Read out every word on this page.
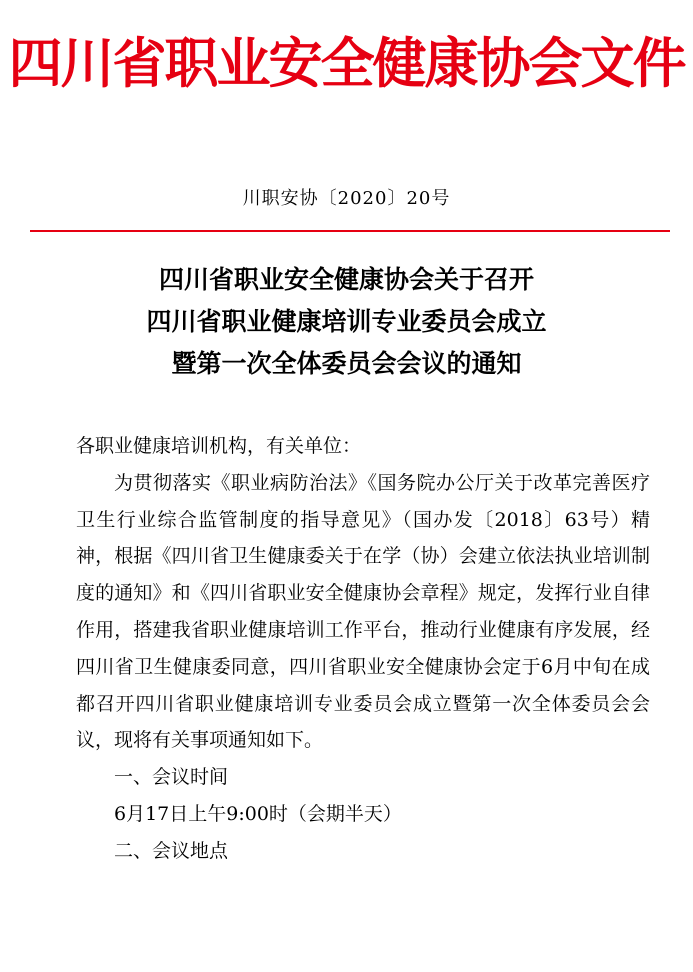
四川省职业安全健康协会文件
川职安协〔2020〕20号
四川省职业安全健康协会关于召开
四川省职业健康培训专业委员会成立
暨第一次全体委员会会议的通知

各职业健康培训机构，有关单位：

为贯彻落实《职业病防治法》《国务院办公厅关于改革完善医疗卫生行业综合监管制度的指导意见》（国办发〔2018〕63号）精神，根据《四川省卫生健康委关于在学（协）会建立依法执业培训制度的通知》和《四川省职业安全健康协会章程》规定，发挥行业自律作用，搭建我省职业健康培训工作平台，推动行业健康有序发展，经四川省卫生健康委同意，四川省职业安全健康协会定于6月中旬在成都召开四川省职业健康培训专业委员会成立暨第一次全体委员会会议，现将有关事项通知如下。

一、会议时间

6月17日上午9:00时（会期半天）

二、会议地点
